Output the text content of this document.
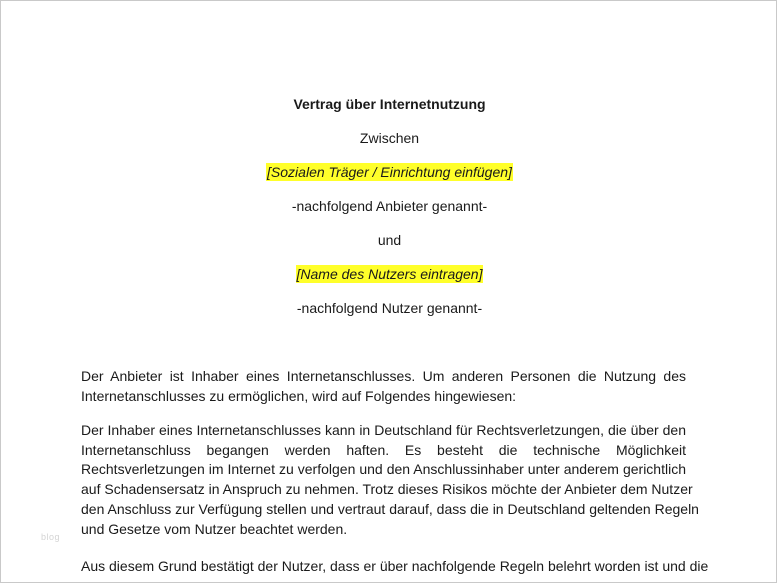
Vertrag über Internetnutzung
Zwischen
[Sozialen Träger / Einrichtung einfügen]
-nachfolgend Anbieter genannt-
und
[Name des Nutzers eintragen]
-nachfolgend Nutzer genannt-
Der Anbieter ist Inhaber eines Internetanschlusses. Um anderen Personen die Nutzung des
Internetanschlusses zu ermöglichen, wird auf Folgendes hingewiesen:
Der Inhaber eines Internetanschlusses kann in Deutschland für Rechtsverletzungen, die über den
Internetanschluss begangen werden haften. Es besteht die technische Möglichkeit
Rechtsverletzungen im Internet zu verfolgen und den Anschlussinhaber unter anderem gerichtlich
auf Schadensersatz in Anspruch zu nehmen. Trotz dieses Risikos möchte der Anbieter dem Nutzer
den Anschluss zur Verfügung stellen und vertraut darauf, dass die in Deutschland geltenden Regeln
und Gesetze vom Nutzer beachtet werden.
Aus diesem Grund bestätigt der Nutzer, dass er über nachfolgende Regeln belehrt worden ist und die
blog
